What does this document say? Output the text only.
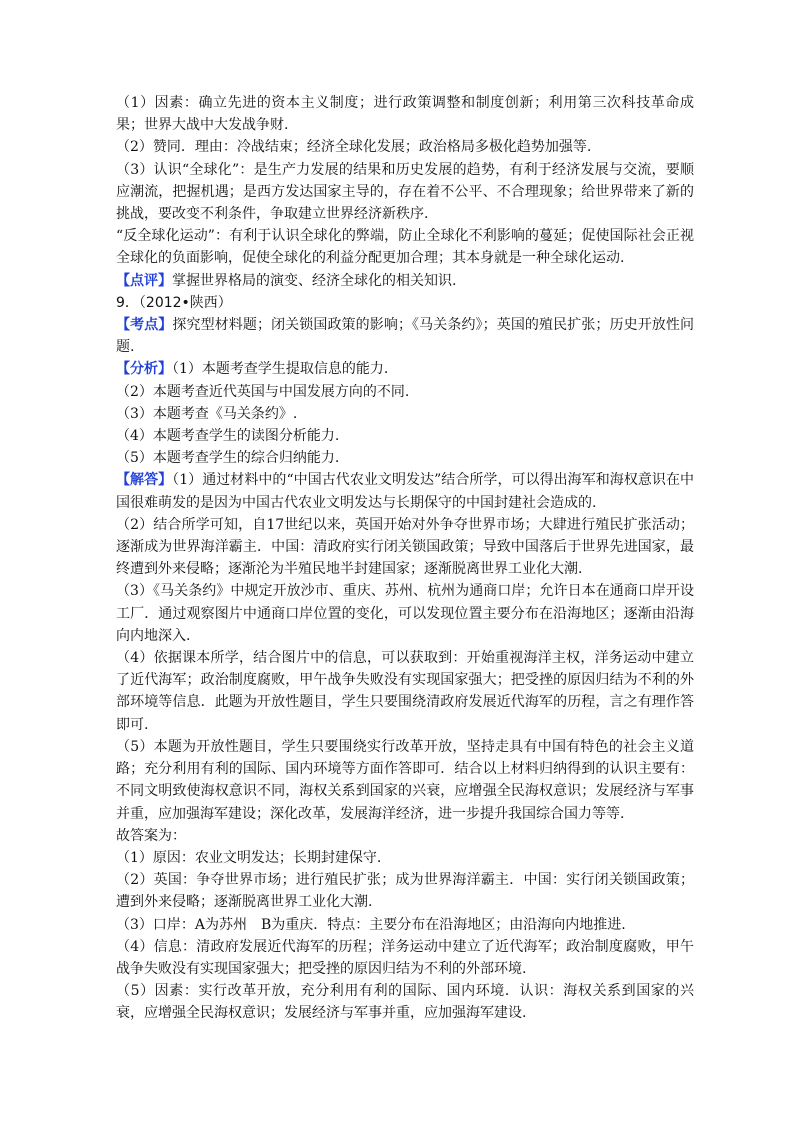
（1）因素：确立先进的资本主义制度；进行政策调整和制度创新；利用第三次科技革命成果；世界大战中大发战争财.

（2）赞同．理由：冷战结束；经济全球化发展；政治格局多极化趋势加强等.

（3）认识“全球化”：是生产力发展的结果和历史发展的趋势，有利于经济发展与交流，要顺应潮流，把握机遇；是西方发达国家主导的，存在着不公平、不合理现象；给世界带来了新的挑战，要改变不利条件，争取建立世界经济新秩序.

“反全球化运动”：有利于认识全球化的弊端，防止全球化不利影响的蔓延；促使国际社会正视全球化的负面影响，促使全球化的利益分配更加合理；其本身就是一种全球化运动.

【点评】掌握世界格局的演变、经济全球化的相关知识.

9．（2012•陕西）

【考点】探究型材料题；闭关锁国政策的影响；《马关条约》；英国的殖民扩张；历史开放性问题.

【分析】（1）本题考查学生提取信息的能力.

（2）本题考查近代英国与中国发展方向的不同.

（3）本题考查《马关条约》.

（4）本题考查学生的读图分析能力.

（5）本题考查学生的综合归纳能力.

【解答】（1）通过材料中的“中国古代农业文明发达”结合所学，可以得出海军和海权意识在中国很难萌发的是因为中国古代农业文明发达与长期保守的中国封建社会造成的.

（2）结合所学可知，自17世纪以来，英国开始对外争夺世界市场；大肆进行殖民扩张活动；逐渐成为世界海洋霸主．中国：清政府实行闭关锁国政策；导致中国落后于世界先进国家，最终遭到外来侵略；逐渐沦为半殖民地半封建国家；逐渐脱离世界工业化大潮.

（3）《马关条约》中规定开放沙市、重庆、苏州、杭州为通商口岸；允许日本在通商口岸开设工厂．通过观察图片中通商口岸位置的变化，可以发现位置主要分布在沿海地区；逐渐由沿海向内地深入.

（4）依据课本所学，结合图片中的信息，可以获取到：开始重视海洋主权，洋务运动中建立了近代海军；政治制度腐败，甲午战争失败没有实现国家强大；把受挫的原因归结为不利的外部环境等信息．此题为开放性题目，学生只要围绕清政府发展近代海军的历程，言之有理作答即可.

（5）本题为开放性题目，学生只要围绕实行改革开放，坚持走具有中国有特色的社会主义道路；充分利用有利的国际、国内环境等方面作答即可．结合以上材料归纳得到的认识主要有：不同文明致使海权意识不同，海权关系到国家的兴衰，应增强全民海权意识；发展经济与军事并重，应加强海军建设；深化改革，发展海洋经济，进一步提升我国综合国力等等.

故答案为：

（1）原因：农业文明发达；长期封建保守.

（2）英国：争夺世界市场；进行殖民扩张；成为世界海洋霸主．中国：实行闭关锁国政策；遭到外来侵略；逐渐脱离世界工业化大潮.

（3）口岸：A为苏州　B为重庆．特点：主要分布在沿海地区；由沿海向内地推进.

（4）信息：清政府发展近代海军的历程；洋务运动中建立了近代海军；政治制度腐败，甲午战争失败没有实现国家强大；把受挫的原因归结为不利的外部环境.

（5）因素：实行改革开放，充分利用有利的国际、国内环境．认识：海权关系到国家的兴衰，应增强全民海权意识；发展经济与军事并重，应加强海军建设.
